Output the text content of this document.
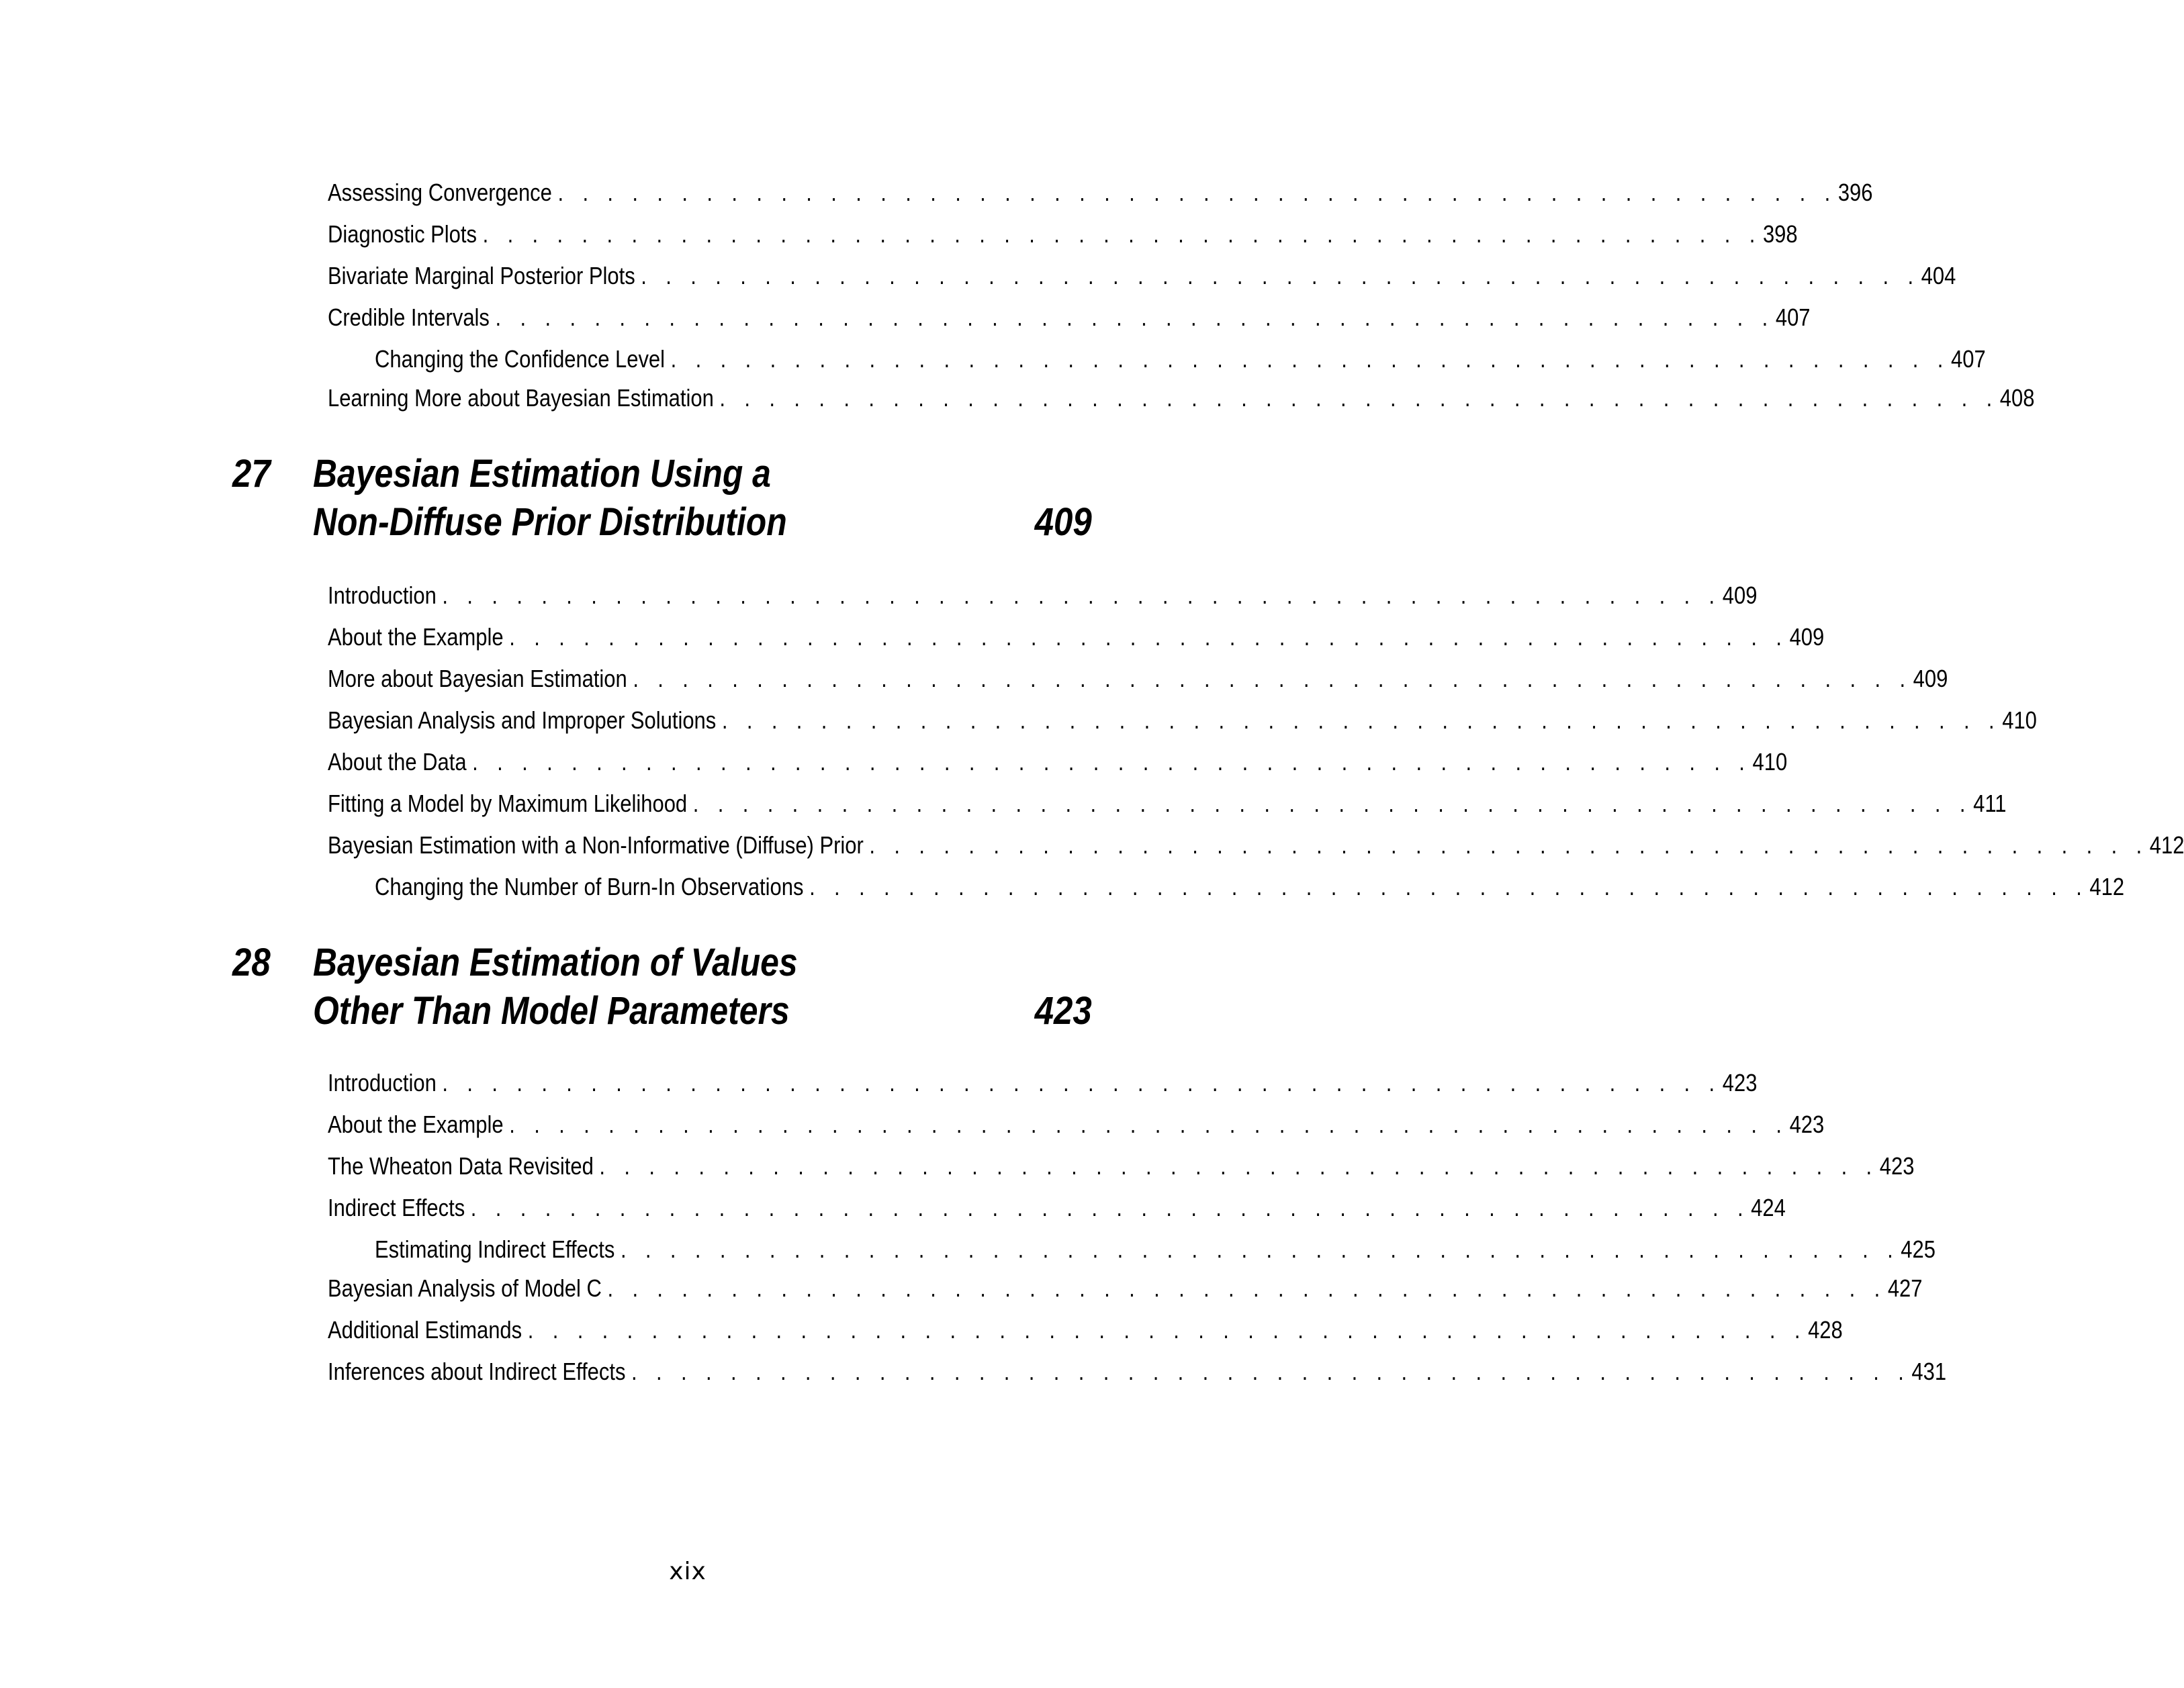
Assessing Convergence . . . . . . . . . . . . . . . . . . . . . . . . . . . . . . . . . . . . . . . . . . . . . . . . . . . . 396
Diagnostic Plots . . . . . . . . . . . . . . . . . . . . . . . . . . . . . . . . . . . . . . . . . . . . . . . . . . . . 398
Bivariate Marginal Posterior Plots . . . . . . . . . . . . . . . . . . . . . . . . . . . . . . . . . . . . . . . . . . . . . . . . . . . . 404
Credible Intervals . . . . . . . . . . . . . . . . . . . . . . . . . . . . . . . . . . . . . . . . . . . . . . . . . . . . 407
Changing the Confidence Level . . . . . . . . . . . . . . . . . . . . . . . . . . . . . . . . . . . . . . . . . . . . . . . . . . . . 407
Learning More about Bayesian Estimation . . . . . . . . . . . . . . . . . . . . . . . . . . . . . . . . . . . . . . . . . . . . . . . . . . . . 408
27 Bayesian Estimation Using a
Non-Diffuse Prior Distribution	409
Introduction . . . . . . . . . . . . . . . . . . . . . . . . . . . . . . . . . . . . . . . . . . . . . . . . . . . . 409
About the Example . . . . . . . . . . . . . . . . . . . . . . . . . . . . . . . . . . . . . . . . . . . . . . . . . . . . 409
More about Bayesian Estimation . . . . . . . . . . . . . . . . . . . . . . . . . . . . . . . . . . . . . . . . . . . . . . . . . . . . 409
Bayesian Analysis and Improper Solutions . . . . . . . . . . . . . . . . . . . . . . . . . . . . . . . . . . . . . . . . . . . . . . . . . . . . 410
About the Data . . . . . . . . . . . . . . . . . . . . . . . . . . . . . . . . . . . . . . . . . . . . . . . . . . . . 410
Fitting a Model by Maximum Likelihood . . . . . . . . . . . . . . . . . . . . . . . . . . . . . . . . . . . . . . . . . . . . . . . . . . . . 411
Bayesian Estimation with a Non-Informative (Diffuse) Prior . . . . . . . . . . . . . . . . . . . . . . . . . . . . . . . . . . . . . . . . . . . . . . . . . . . . 412
Changing the Number of Burn-In Observations . . . . . . . . . . . . . . . . . . . . . . . . . . . . . . . . . . . . . . . . . . . . . . . . . . . . 412
28 Bayesian Estimation of Values
Other Than Model Parameters	423
Introduction . . . . . . . . . . . . . . . . . . . . . . . . . . . . . . . . . . . . . . . . . . . . . . . . . . . . 423
About the Example . . . . . . . . . . . . . . . . . . . . . . . . . . . . . . . . . . . . . . . . . . . . . . . . . . . . 423
The Wheaton Data Revisited . . . . . . . . . . . . . . . . . . . . . . . . . . . . . . . . . . . . . . . . . . . . . . . . . . . . 423
Indirect Effects . . . . . . . . . . . . . . . . . . . . . . . . . . . . . . . . . . . . . . . . . . . . . . . . . . . . 424
Estimating Indirect Effects . . . . . . . . . . . . . . . . . . . . . . . . . . . . . . . . . . . . . . . . . . . . . . . . . . . . 425
Bayesian Analysis of Model C . . . . . . . . . . . . . . . . . . . . . . . . . . . . . . . . . . . . . . . . . . . . . . . . . . . . 427
Additional Estimands . . . . . . . . . . . . . . . . . . . . . . . . . . . . . . . . . . . . . . . . . . . . . . . . . . . . 428
Inferences about Indirect Effects . . . . . . . . . . . . . . . . . . . . . . . . . . . . . . . . . . . . . . . . . . . . . . . . . . . . 431
xix
